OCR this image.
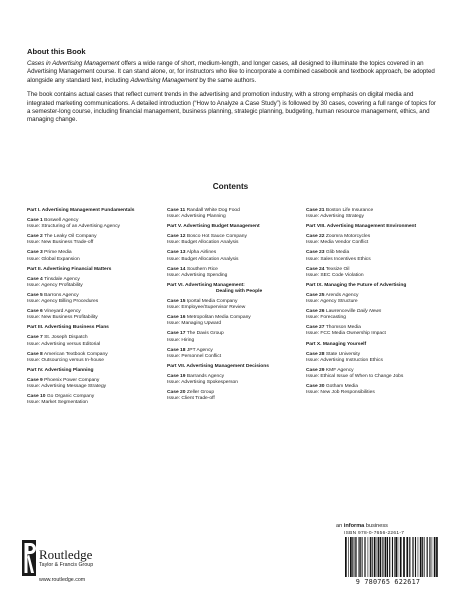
About this Book

Cases in Advertising Management offers a wide range of short, medium-length, and longer cases, all designed to illuminate the topics covered in an Advertising Management course. It can stand alone, or, for instructors who like to incorporate a combined casebook and textbook approach, be adopted alongside any standard text, including Advertising Management by the same authors.

The book contains actual cases that reflect current trends in the advertising and promotion industry, with a strong emphasis on digital media and integrated marketing communications. A detailed introduction (“How to Analyze a Case Study”) is followed by 30 cases, covering a full range of topics for a semester-long course, including financial management, business planning, strategic planning, budgeting, human resource management, ethics, and managing change.

Contents
Part I. Advertising Management Fundamentals
Case 1 Boswell Agency
Issue: Structuring of an Advertising Agency
Case 2 The Leaky Oil Company
Issue: New Business Trade-off
Case 3 Prime Media
Issue: Global Expansion
Part II. Advertising Financial Matters
Case 4 Tinsdale Agency
Issue: Agency Profitability
Case 5 Barrons Agency
Issue: Agency Billing Procedures
Case 6 Vineyard Agency
Issue: New Business Profitability
Part III. Advertising Business Plans
Case 7 St. Joseph Dispatch
Issue: Advertising versus Editorial
Case 8 American Textbook Company
Issue: Outsourcing versus In-house
Part IV. Advertising Planning
Case 9 Phoenix Power Company
Issue: Advertising Message Strategy
Case 10 Go Organic Company
Issue: Market Segmentation
Case 11 Randall White Dog Food
Issue: Advertising Planning
Part V. Advertising Budget Management
Case 12 Bosco Hot Sauce Company
Issue: Budget Allocation Analysis
Case 13 Alpha Airlines
Issue: Budget Allocation Analysis
Case 14 Southern Rice
Issue: Advertising Spending
Part VI. Advertising Management:
Dealing with People
Case 15 Iportal Media Company
Issue: Employee/Supervisor Review
Case 16 Metropolitan Media Company
Issue: Managing Upward
Case 17 The Davis Group
Issue: Hiring
Case 18 JPT Agency
Issue: Personnel Conflict
Part VII. Advertising Management Decisions
Case 19 Barrands Agency
Issue: Advertising Spokesperson
Case 20 Zeller Group
Issue: Client Trade-off
Case 21 Boston Life Insurance
Issue: Advertising Strategy
Part VIII. Advertising Management Environment
Case 22 Zoomra Motorcycles
Issue: Media Vendor Conflict
Case 23 Glib Media
Issue: Sales Incentives Ethics
Case 24 Texsize Oil
Issue: SEC Code Violation
Part IX. Managing the Future of Advertising
Case 25 Arends Agency
Issue: Agency Structure
Case 26 Lawrenceville Daily News
Issue: Forecasting
Case 27 Thomson Media
Issue: FCC Media Ownership Impact
Part X. Managing Yourself
Case 28 State University
Issue: Advertising Instruction Ethics
Case 29 KMF Agency
Issue: Ethical Issue of When to Change Jobs
Case 30 Gotham Media
Issue: New Job Responsibilities
an informa business
ISBN 978-0-7656-2261-7
9 780765 622617

Routledge

Taylor & Francis Group
www.routledge.com
